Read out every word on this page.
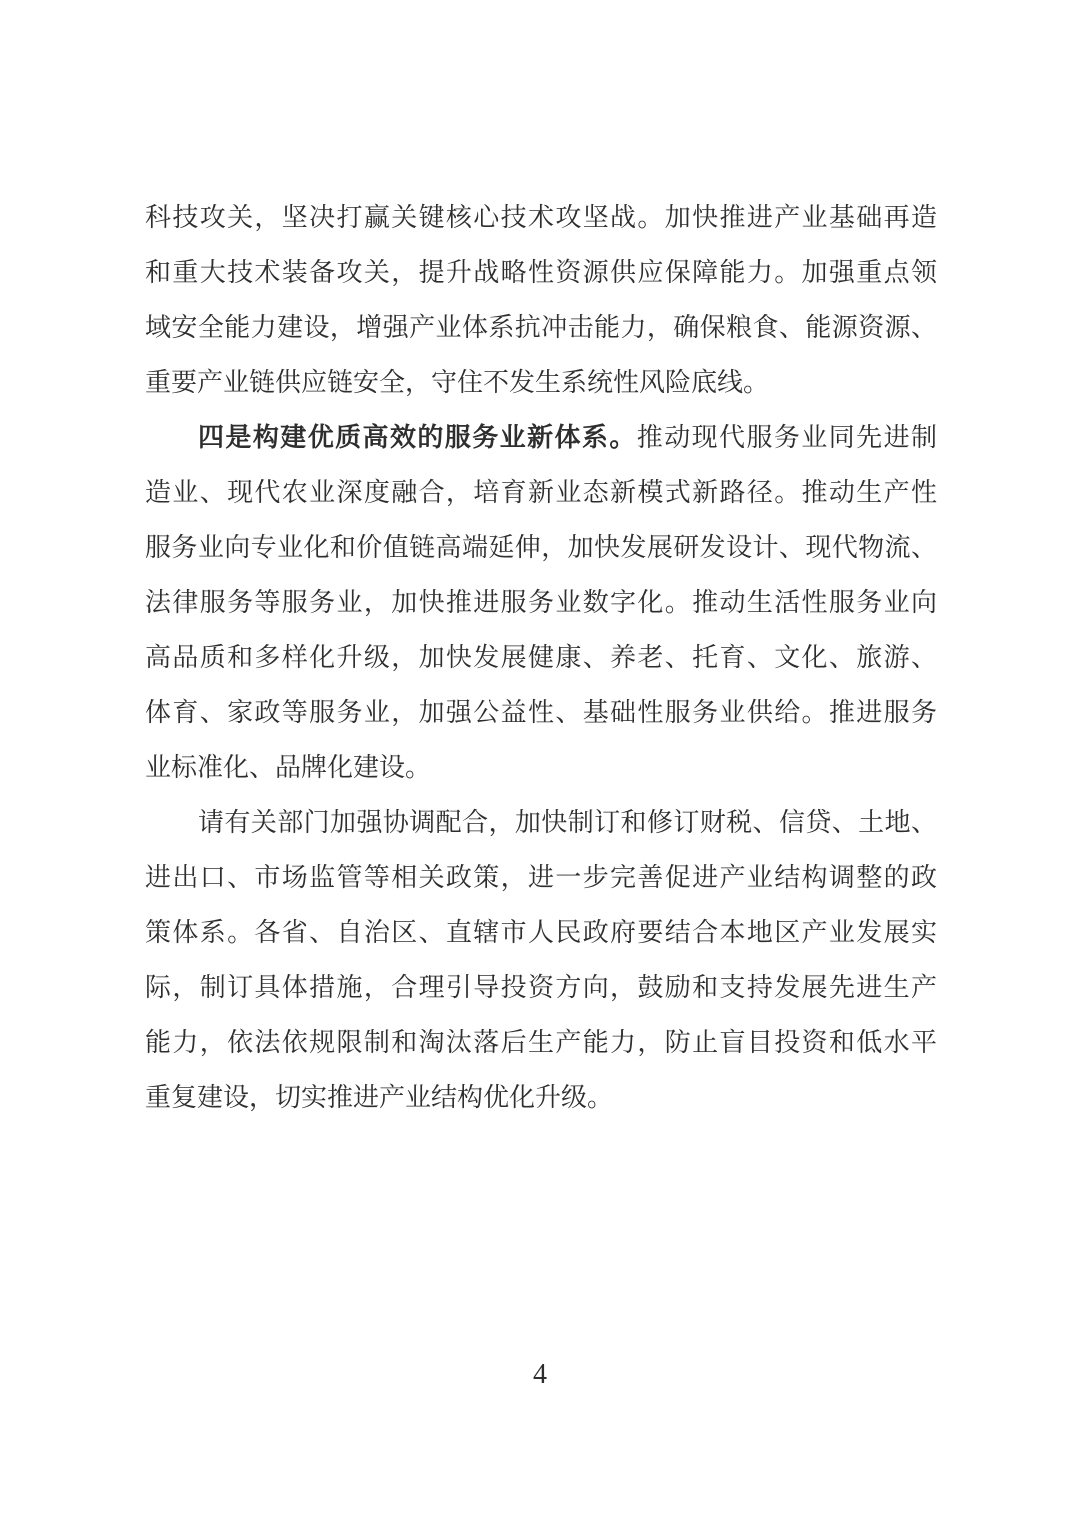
科技攻关，坚决打赢关键核心技术攻坚战。加快推进产业基础再造
和重大技术装备攻关，提升战略性资源供应保障能力。加强重点领
域安全能力建设，增强产业体系抗冲击能力，确保粮食、能源资源、
重要产业链供应链安全，守住不发生系统性风险底线。
四是构建优质高效的服务业新体系。推动现代服务业同先进制
造业、现代农业深度融合，培育新业态新模式新路径。推动生产性
服务业向专业化和价值链高端延伸，加快发展研发设计、现代物流、
法律服务等服务业，加快推进服务业数字化。推动生活性服务业向
高品质和多样化升级，加快发展健康、养老、托育、文化、旅游、
体育、家政等服务业，加强公益性、基础性服务业供给。推进服务
业标准化、品牌化建设。
请有关部门加强协调配合，加快制订和修订财税、信贷、土地、
进出口、市场监管等相关政策，进一步完善促进产业结构调整的政
策体系。各省、自治区、直辖市人民政府要结合本地区产业发展实
际，制订具体措施，合理引导投资方向，鼓励和支持发展先进生产
能力，依法依规限制和淘汰落后生产能力，防止盲目投资和低水平
重复建设，切实推进产业结构优化升级。
4
